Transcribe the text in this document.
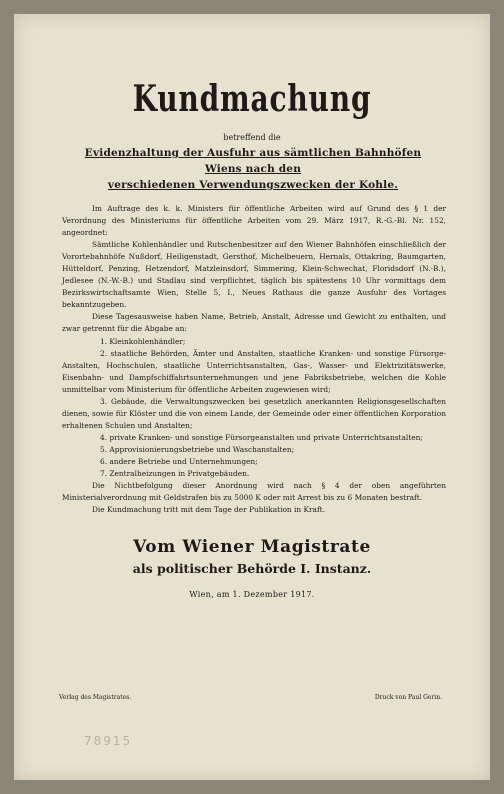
Kundmachung
betreffend die
Evidenzhaltung der Ausfuhr aus sämtlichen Bahnhöfen Wiens nach den
verschiedenen Verwendungszwecken der Kohle.

Im Auftrage des k. k. Ministers für öffentliche Arbeiten wird auf Grund des § 1 der Verordnung des Ministeriums für öffentliche Arbeiten vom 29. März 1917, R.-G.-Bl. Nr. 152, angeordnet:

Sämtliche Kohlenhändler und Rutschenbesitzer auf den Wiener Bahnhöfen einschließlich der Vorortebahnhöfe Nußdorf, Heiligenstadt, Gersthof, Michelbeuern, Hernals, Ottakring, Baumgarten, Hütteldorf, Penzing, Hetzendorf, Matzleinsdorf, Simmering, Klein-Schwechat, Floridsdorf (N.-B.), Jedlesee (N.-W.-B.) und Stadlau sind verpflichtet, täglich bis spätestens 10 Uhr vormittags dem Bezirkswirtschaftsamte Wien, Stelle 5, I., Neues Rathaus die ganze Ausfuhr des Vortages bekanntzugeben.

Diese Tagesausweise haben Name, Betrieb, Anstalt, Adresse und Gewicht zu enthalten, und zwar getrennt für die Abgabe an:

1. Kleinkohlenhändler;

2. staatliche Behörden, Ämter und Anstalten, staatliche Kranken- und sonstige Fürsorge-Anstalten, Hochschulen, staatliche Unterrichtsanstalten, Gas-, Wasser- und Elektrizitätswerke, Eisenbahn- und Dampfschiffahrtsunternehmungen und jene Fabriksbetriebe, welchen die Kohle unmittelbar vom Ministerium für öffentliche Arbeiten zugewiesen wird;

3. Gebäude, die Verwaltungszwecken bei gesetzlich anerkannten Religionsgesellschaften dienen, sowie für Klöster und die von einem Lande, der Gemeinde oder einer öffentlichen Korporation erhaltenen Schulen und Anstalten;

4. private Kranken- und sonstige Fürsorgeanstalten und private Unterrichtsanstalten;

5. Approvisionierungsbetriebe und Waschanstalten;

6. andere Betriebe und Unternehmungen;

7. Zentralheizungen in Privatgebäuden.

Die Nichtbefolgung dieser Anordnung wird nach § 4 der oben angeführten Ministerialverordnung mit Geldstrafen bis zu 5000 K oder mit Arrest bis zu 6 Monaten bestraft.

Die Kundmachung tritt mit dem Tage der Publikation in Kraft.

Vom Wiener Magistrate
als politischer Behörde I. Instanz.
Wien, am 1. Dezember 1917.
Verlag des Magistrates.	Druck von Paul Gerin.
78915
